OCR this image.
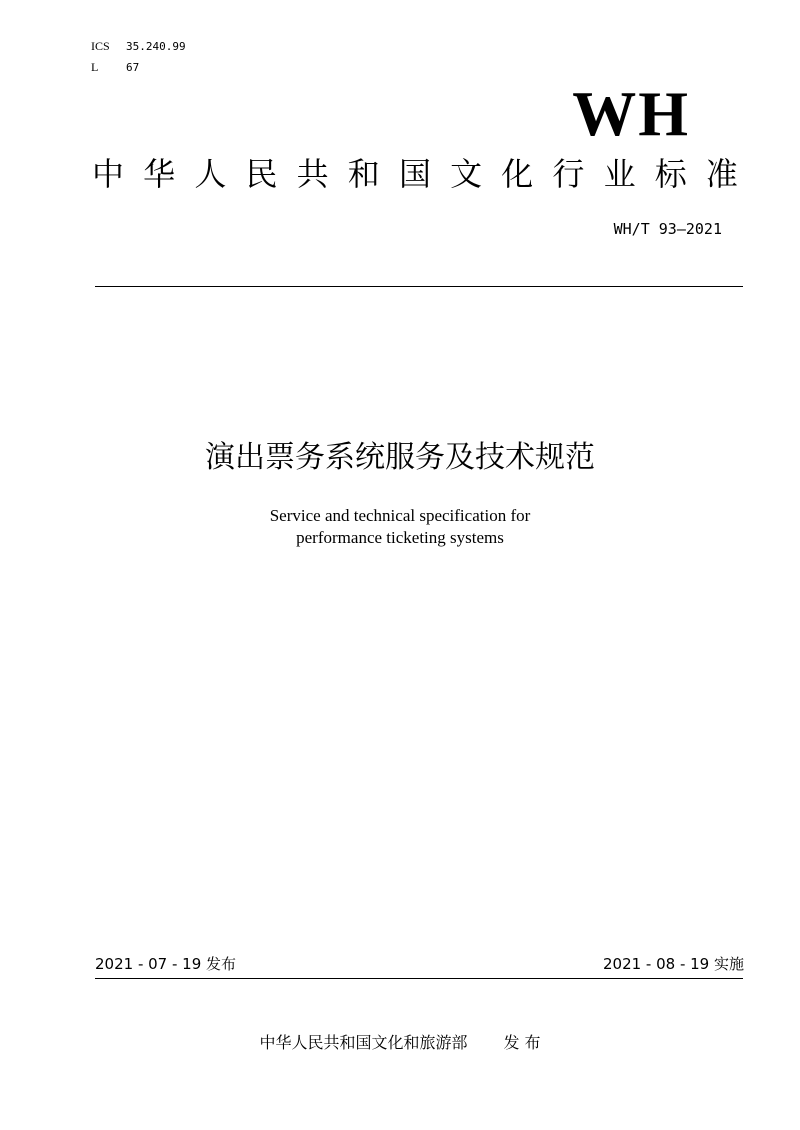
ICS 35.240.99
L	67
WH
中 华 人 民 共 和 国 文 化 行 业 标 准
WH/T 93—2021
演出票务系统服务及技术规范
Service and technical specification for
performance ticketing systems
2021 - 07 - 19 发布	2021 - 08 - 19 实施
中华人民共和国文化和旅游部 发 布
